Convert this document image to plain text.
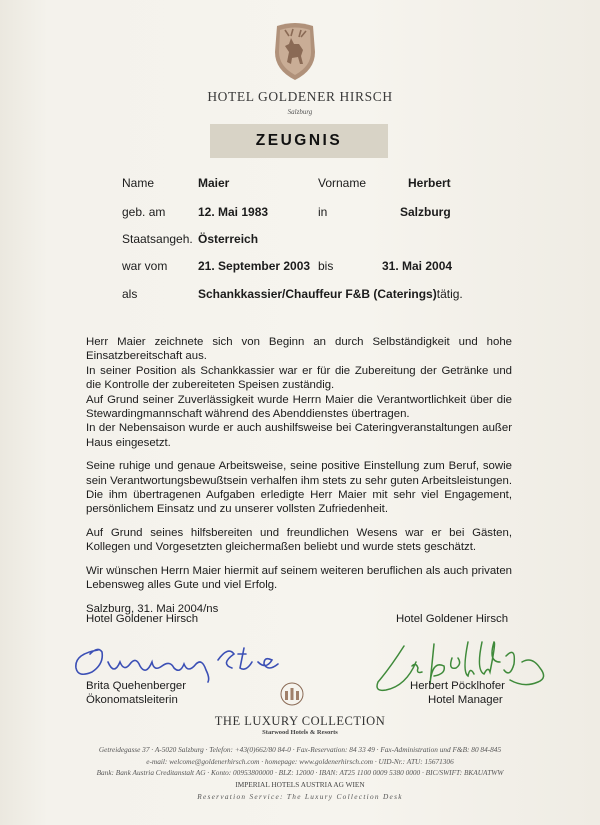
HOTEL GOLDENER HIRSCH
Salzburg
ZEUGNIS
Name	Maier	Vorname	Herbert
geb. am	12. Mai 1983	in	Salzburg
Staatsangeh. Österreich
war vom	21. September 2003 bis	31. Mai 2004
als	Schankkassier/Chauffeur F&B (Caterings)tätig.

Herr Maier zeichnete sich von Beginn an durch Selbständigkeit und hohe Einsatzbereitschaft aus.

In seiner Position als Schankkassier war er für die Zubereitung der Getränke und die Kontrolle der zubereiteten Speisen zuständig.

Auf Grund seiner Zuverlässigkeit wurde Herrn Maier die Verantwortlichkeit über die Stewardingmannschaft während des Abenddienstes übertragen.

In der Nebensaison wurde er auch aushilfsweise bei Cateringveranstaltungen außer Haus eingesetzt.

Seine ruhige und genaue Arbeitsweise, seine positive Einstellung zum Beruf, sowie sein Verantwortungsbewußtsein verhalfen ihm stets zu sehr guten Arbeitsleistungen. Die ihm übertragenen Aufgaben erledigte Herr Maier mit sehr viel Engagement, persönlichem Einsatz und zu unserer vollsten Zufriedenheit.

Auf Grund seines hilfsbereiten und freundlichen Wesens war er bei Gästen, Kollegen und Vorgesetzten gleichermaßen beliebt und wurde stets geschätzt.

Wir wünschen Herrn Maier hiermit auf seinem weiteren beruflichen als auch privaten Lebensweg alles Gute und viel Erfolg.

Salzburg, 31. Mai 2004/ns

Hotel Goldener Hirsch	Hotel Goldener Hirsch
Brita Quehenberger
Ökonomatsleiterin
Herbert Pöcklhofer
Hotel Manager
THE LUXURY COLLECTION
Starwood Hotels & Resorts
Getreidegasse 37 · A-5020 Salzburg · Telefon: +43(0)662/80 84-0 · Fax-Reservation: 84 33 49 · Fax-Administration und F&B: 80 84-845
e-mail: welcome@goldenerhirsch.com · homepage: www.goldenerhirsch.com · UID-Nr.: ATU: 15671306
Bank: Bank Austria Creditanstalt AG · Konto: 00953800000 · BLZ: 12000 · IBAN: AT25 1100 0009 5380 0000 · BIC/SWIFT: BKAUATWW
IMPERIAL HOTELS AUSTRIA AG WIEN
Reservation Service: The Luxury Collection Desk
